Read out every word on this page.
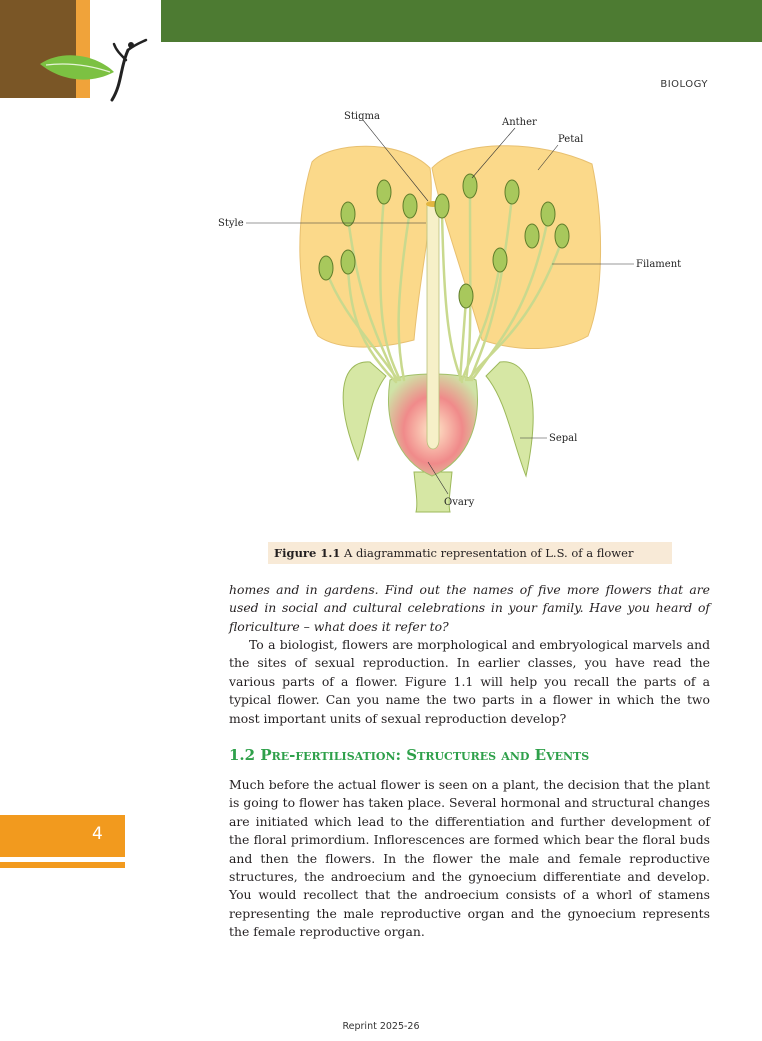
BIOLOGY
Stigma
Anther
Petal
Style
Filament
Sepal
Ovary
Figure 1.1 A diagrammatic representation of L.S. of a flower
homes and in gardens. Find out the names of five more flowers that are used in social and cultural celebrations in your family. Have you heard of floriculture – what does it refer to?
To a biologist, flowers are morphological and embryological marvels and the sites of sexual reproduction. In earlier classes, you have read the various parts of a flower. Figure 1.1 will help you recall the parts of a typical flower. Can you name the two parts in a flower in which the two most important units of sexual reproduction develop?
1.2 Pre-fertilisation: Structures and Events
Much before the actual flower is seen on a plant, the decision that the plant is going to flower has taken place. Several hormonal and structural changes are initiated which lead to the differentiation and further development of the floral primordium. Inflorescences are formed which bear the floral buds and then the flowers. In the flower the male and female reproductive structures, the androecium and the gynoecium differentiate and develop. You would recollect that the androecium consists of a whorl of stamens representing the male reproductive organ and the gynoecium represents the female reproductive organ.
4
Reprint 2025-26
